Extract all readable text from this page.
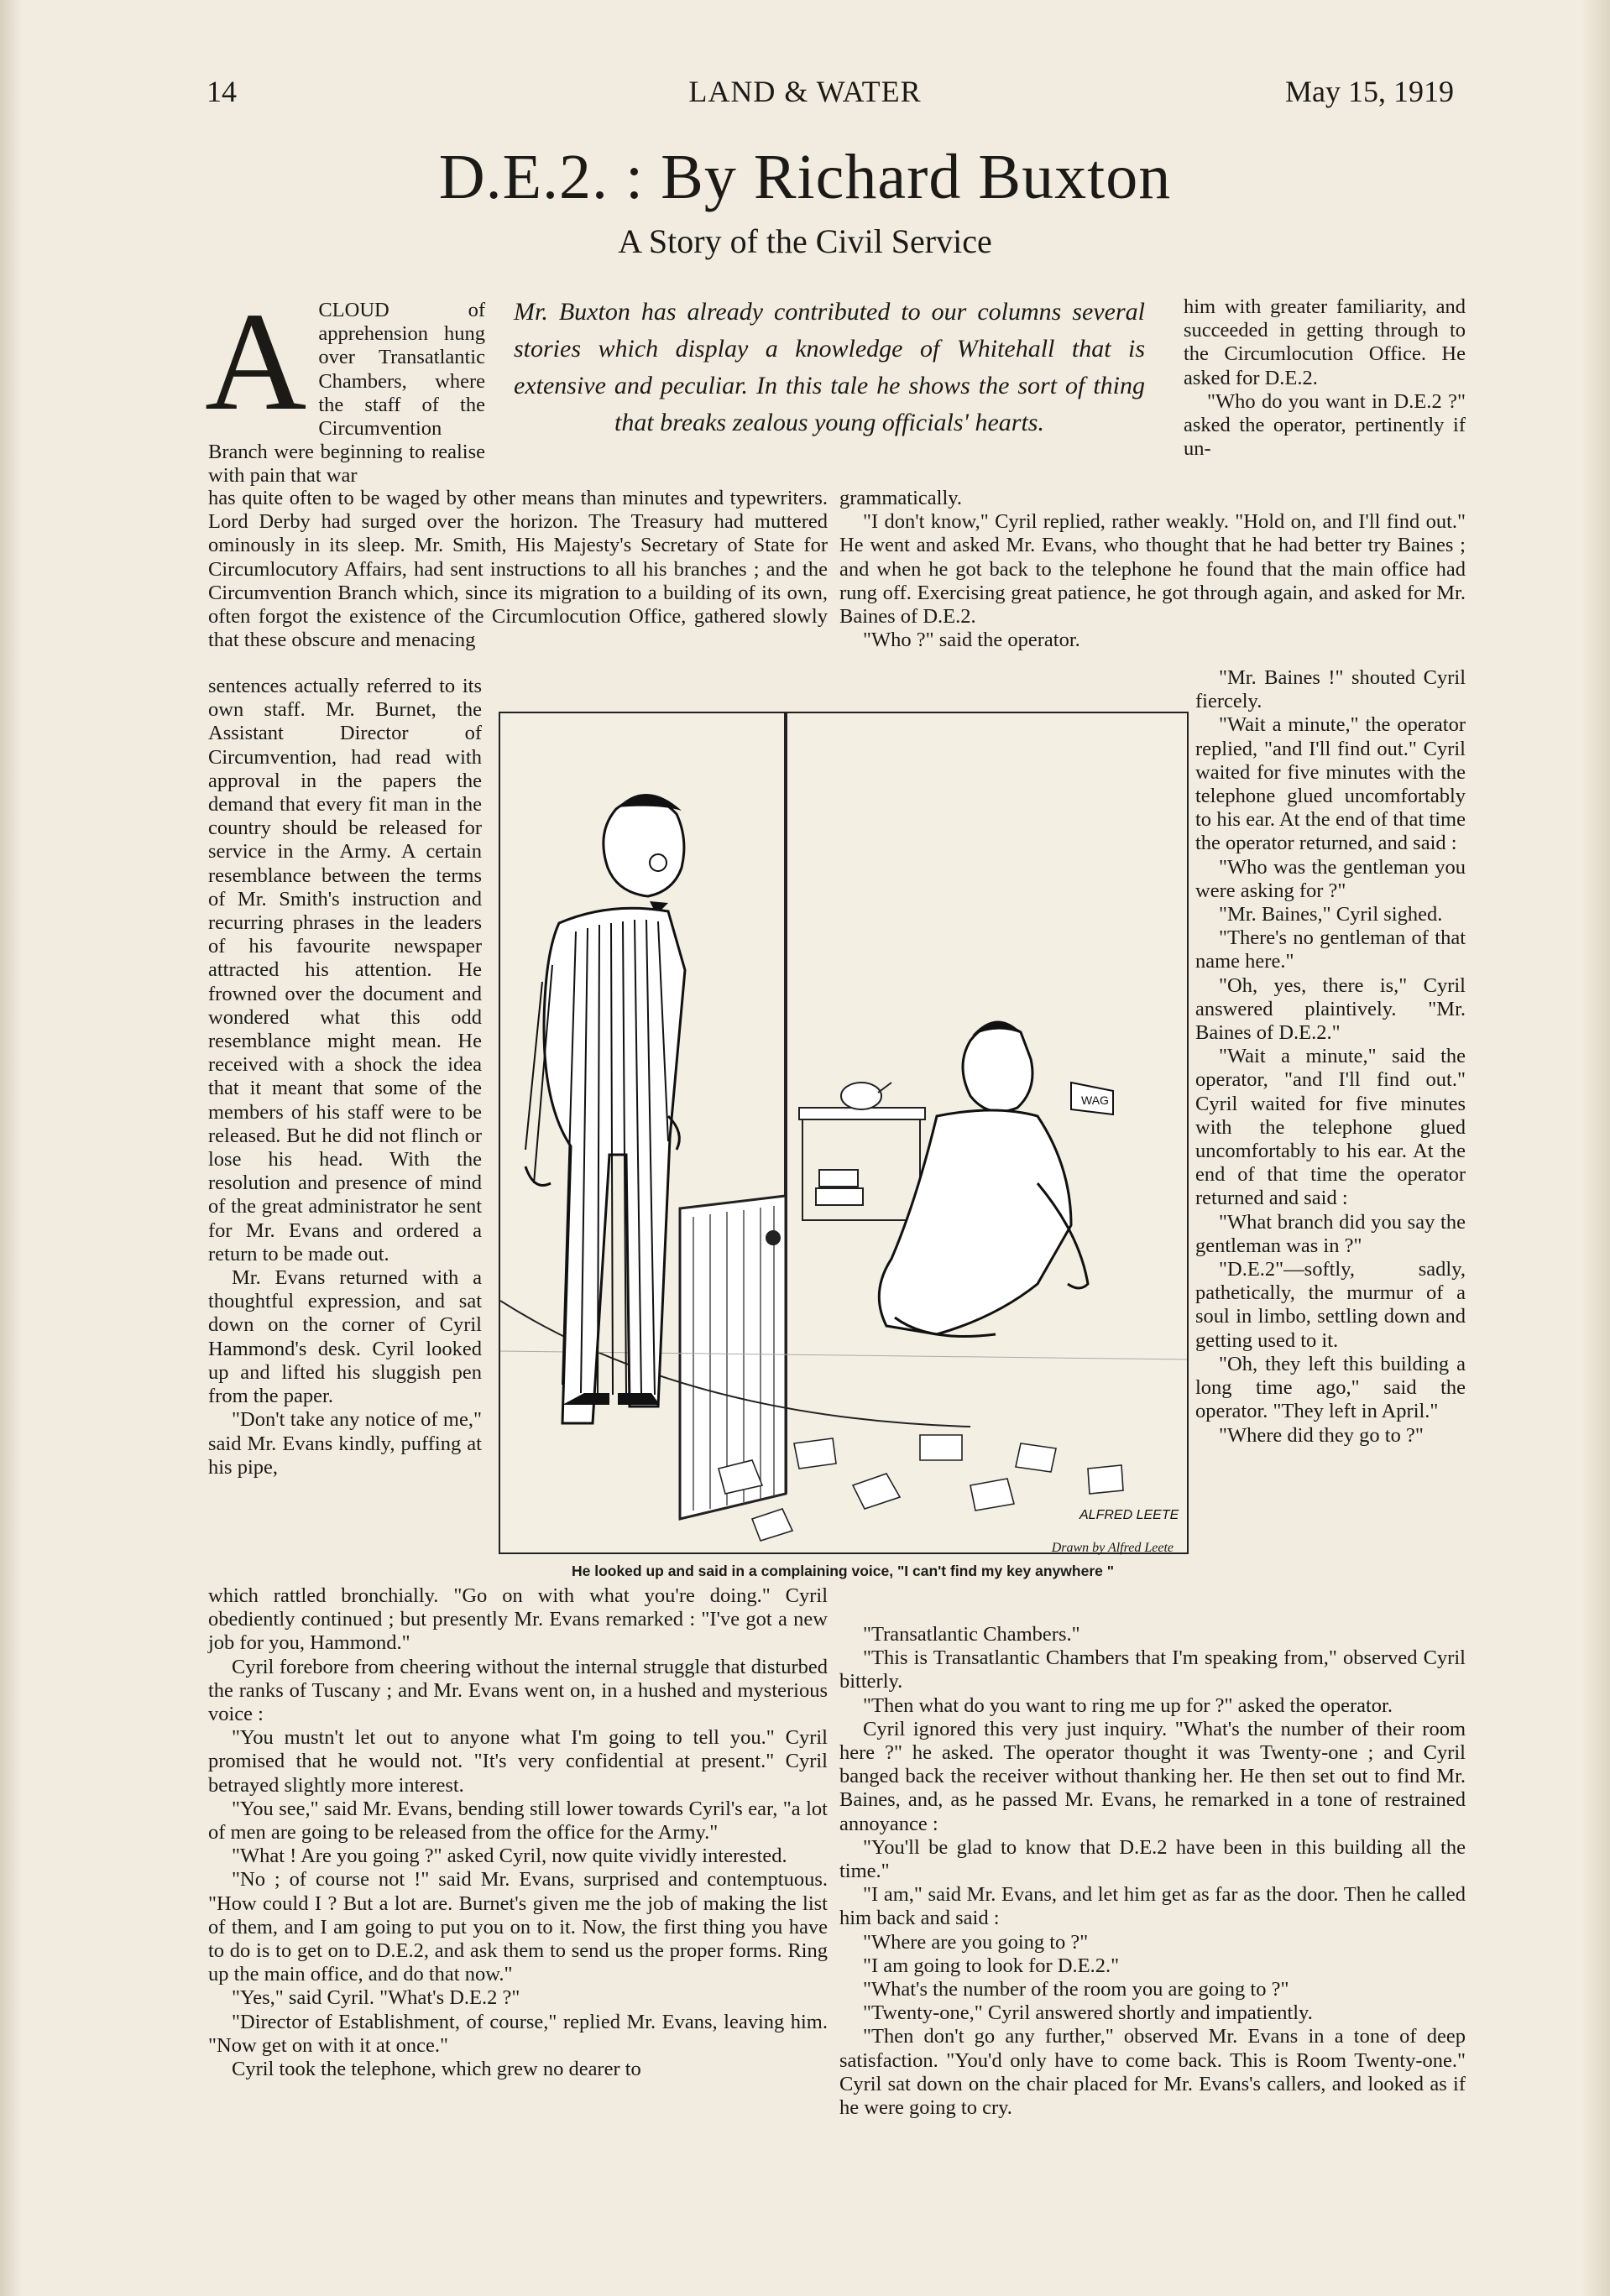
14	LAND & WATER	May 15, 1919
D.E.2. : By Richard Buxton
A Story of the Civil Service
A CLOUD of apprehension hung over Transatlantic Chambers, where the staff of the Circumvention Branch were beginning to realise with pain that war
Mr. Buxton has already contributed to our columns several stories which display a knowledge of Whitehall that is extensive and peculiar. In this tale he shows the sort of thing that breaks zealous young officials' hearts.

him with greater familiarity, and succeeded in getting through to the Circumlocution Office. He asked for D.E.2.

"Who do you want in D.E.2 ?" asked the operator, pertinently if un-

has quite often to be waged by other means than minutes and typewriters. Lord Derby had surged over the horizon. The Treasury had muttered ominously in its sleep. Mr. Smith, His Majesty's Secretary of State for Circumlocutory Affairs, had sent instructions to all his branches ; and the Circumvention Branch which, since its migration to a building of its own, often forgot the existence of the Circumlocution Office, gathered slowly that these obscure and menacing

grammatically.

"I don't know," Cyril replied, rather weakly. "Hold on, and I'll find out." He went and asked Mr. Evans, who thought that he had better try Baines ; and when he got back to the telephone he found that the main office had rung off. Exercising great patience, he got through again, and asked for Mr. Baines of D.E.2.

"Who ?" said the operator.

sentences actually referred to its own staff. Mr. Burnet, the Assistant Director of Circumvention, had read with approval in the papers the demand that every fit man in the country should be released for service in the Army. A certain resemblance between the terms of Mr. Smith's instruction and recurring phrases in the leaders of his favourite newspaper attracted his attention. He frowned over the document and wondered what this odd resemblance might mean. He received with a shock the idea that it meant that some of the members of his staff were to be released. But he did not flinch or lose his head. With the resolution and presence of mind of the great administrator he sent for Mr. Evans and ordered a return to be made out.

Mr. Evans returned with a thoughtful expression, and sat down on the corner of Cyril Hammond's desk. Cyril looked up and lifted his sluggish pen from the paper.

"Don't take any notice of me," said Mr. Evans kindly, puffing at his pipe,

"Mr. Baines !" shouted Cyril fiercely.

"Wait a minute," the operator replied, "and I'll find out." Cyril waited for five minutes with the telephone glued uncomfortably to his ear. At the end of that time the operator returned, and said :

"Who was the gentleman you were asking for ?"

"Mr. Baines," Cyril sighed.

"There's no gentleman of that name here."

"Oh, yes, there is," Cyril answered plaintively. "Mr. Baines of D.E.2."

"Wait a minute," said the operator, "and I'll find out." Cyril waited for five minutes with the telephone glued uncomfortably to his ear. At the end of that time the operator returned and said :

"What branch did you say the gentleman was in ?"

"D.E.2"—softly, sadly, pathetically, the murmur of a soul in limbo, settling down and getting used to it.

"Oh, they left this building a long time ago," said the operator. "They left in April."

"Where did they go to ?"

WAG
ALFRED LEETE
Drawn by Alfred Leete
He looked up and said in a complaining voice, "I can't find my key anywhere "

which rattled bronchially. "Go on with what you're doing." Cyril obediently continued ; but presently Mr. Evans remarked : "I've got a new job for you, Hammond."

Cyril forebore from cheering without the internal struggle that disturbed the ranks of Tuscany ; and Mr. Evans went on, in a hushed and mysterious voice :

"You mustn't let out to anyone what I'm going to tell you." Cyril promised that he would not. "It's very confidential at present." Cyril betrayed slightly more interest.

"You see," said Mr. Evans, bending still lower towards Cyril's ear, "a lot of men are going to be released from the office for the Army."

"What ! Are you going ?" asked Cyril, now quite vividly interested.

"No ; of course not !" said Mr. Evans, surprised and contemptuous. "How could I ? But a lot are. Burnet's given me the job of making the list of them, and I am going to put you on to it. Now, the first thing you have to do is to get on to D.E.2, and ask them to send us the proper forms. Ring up the main office, and do that now."

"Yes," said Cyril. "What's D.E.2 ?"

"Director of Establishment, of course," replied Mr. Evans, leaving him. "Now get on with it at once."

Cyril took the telephone, which grew no dearer to

"Transatlantic Chambers."

"This is Transatlantic Chambers that I'm speaking from," observed Cyril bitterly.

"Then what do you want to ring me up for ?" asked the operator.

Cyril ignored this very just inquiry. "What's the number of their room here ?" he asked. The operator thought it was Twenty-one ; and Cyril banged back the receiver without thanking her. He then set out to find Mr. Baines, and, as he passed Mr. Evans, he remarked in a tone of restrained annoyance :

"You'll be glad to know that D.E.2 have been in this building all the time."

"I am," said Mr. Evans, and let him get as far as the door. Then he called him back and said :

"Where are you going to ?"

"I am going to look for D.E.2."

"What's the number of the room you are going to ?"

"Twenty-one," Cyril answered shortly and impatiently.

"Then don't go any further," observed Mr. Evans in a tone of deep satisfaction. "You'd only have to come back. This is Room Twenty-one." Cyril sat down on the chair placed for Mr. Evans's callers, and looked as if he were going to cry.
